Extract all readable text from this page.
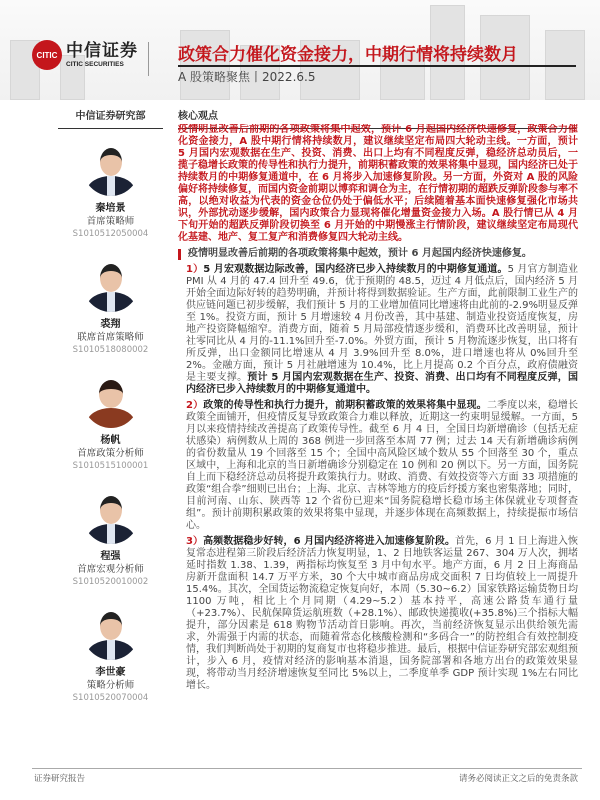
CITIC 中信证券
CITIC SECURITIES	政策合力催化资金接力，中期行情将持续数月
A 股策略聚焦丨2022.6.5
中信证券研究部	核心观点
秦培景
首席策略师
S1010512050004
裘翔
联席首席策略师
S1010518080002
杨帆
首席政策分析师
S1010515100001
程强
首席宏观分析师
S1010520010002
李世豪
策略分析师
S1010520070004

疫情明显改善后前期的各项政策将集中起效，预计 6 月起国内经济快速修复，政策合力催化资金接力，A 股中期行情将持续数月，建议继续坚定布局四大轮动主线。一方面，预计 5 月国内宏观数据在生产、投资、消费、出口上均有不同程度反弹，稳经济总动员后，一揽子稳增长政策的传导性和执行力提升，前期积蓄政策的效果将集中显现，国内经济已处于持续数月的中期修复通道中，在 6 月将步入加速修复阶段。另一方面，外资对 A 股的风险偏好将持续修复，而国内资金前期以博弈和调仓为主，在行情初期的超跌反弹阶段参与率不高，以绝对收益为代表的资金仓位仍处于偏低水平；后续随着基本面快速修复强化市场共识，外部扰动逐步缓解，国内政策合力显现将催化增量资金接力入场。A 股行情已从 4 月下旬开始的超跌反弹阶段切换至 6 月开始的中期慢涨主行情阶段，建议继续坚定布局现代化基建、地产、复工复产和消费修复四大轮动主线。

疫情明显改善后前期的各项政策将集中起效，预计 6 月起国内经济快速修复。

1）5 月宏观数据边际改善，国内经济已步入持续数月的中期修复通道。5 月官方制造业 PMI 从 4 月的 47.4 回升至 49.6，优于预期的 48.5，迈过 4 月低点后，国内经济 5 月开始全面边际好转的趋势明确，并预计将得到数据验证。生产方面，此前限制工业生产的供应链问题已初步缓解，我们预计 5 月的工业增加值同比增速将由此前的-2.9%明显反弹至 1%。投资方面，预计 5 月增速较 4 月份改善，其中基建、制造业投资适度恢复，房地产投资降幅缩窄。消费方面，随着 5 月局部疫情逐步缓和，消费环比改善明显，预计社零同比从 4 月的-11.1%回升至-7.0%。外贸方面，预计 5 月物流逐步恢复，出口将有所反弹，出口金额同比增速从 4 月 3.9%回升至 8.0%，进口增速也将从 0%回升至 2%。金融方面，预计 5 月社融增速为 10.4%，比上月提高 0.2 个百分点，政府债融资是主要支撑。预计 5 月国内宏观数据在生产、投资、消费、出口均有不同程度反弹，国内经济已步入持续数月的中期修复通道中。

2）政策的传导性和执行力提升，前期积蓄政策的效果将集中显现。二季度以来，稳增长政策全面铺开，但疫情反复导致政策合力难以释放，近期这一约束明显缓解。一方面，5 月以来疫情持续改善提高了政策传导性。截至 6 月 4 日，全国日均新增确诊（包括无症状感染）病例数从上周的 368 例进一步回落至本周 77 例；过去 14 天有新增确诊病例的省份数量从 19 个回落至 15 个；全国中高风险区域个数从 55 个回落至 30 个，重点区域中，上海和北京的当日新增确诊分别稳定在 10 例和 20 例以下。另一方面，国务院自上而下稳经济总动员将提升政策执行力。财政、消费、有效投资等六方面 33 项措施的政策“组合拳”细则已出台；上海、北京、吉林等地方的疫后纾援方案也密集落地；同时，目前河南、山东、陕西等 12 个省份已迎来“国务院稳增长稳市场主体保就业专项督查组”。预计前期积累政策的效果将集中显现，并逐步体现在高频数据上，持续提振市场信心。

3）高频数据稳步好转，6 月国内经济将进入加速修复阶段。首先，6 月 1 日上海进入恢复常态进程第三阶段后经济活力恢复明显，1、2 日地铁客运量 267、304 万人次，拥堵延时指数 1.38、1.39，两指标均恢复至 3 月中旬水平。地产方面，6 月 2 日上海商品房新开盘面积 14.7 万平方米，30 个大中城市商品房成交面积 7 日均值较上一周提升 15.4%。其次，全国货运物流稳定恢复向好，本周（5.30~6.2）国家铁路运输货物日均 1100 万吨，相比上个月同期（4.29~5.2）基本持平，高速公路货车通行量（+23.7%）、民航保障货运航班数（+28.1%）、邮政快递揽收(+35.8%)三个指标大幅提升，部分因素是 618 购物节活动首日影响。再次，当前经济恢复显示出供给领先需求，外需强于内需的状态，而随着常态化核酸检测和“多码合一”的防控组合有效控制疫情，我们判断尚处于初期的复商复市也将稳步推进。最后，根据中信证券研究部宏观组预计，步入 6 月，疫情对经济的影响基本消退，国务院部署和各地方出台的政策效果显现，将带动当月经济增速恢复至同比 5%以上，二季度单季 GDP 预计实现 1%左右同比增长。

证券研究报告	请务必阅读正文之后的免责条款
